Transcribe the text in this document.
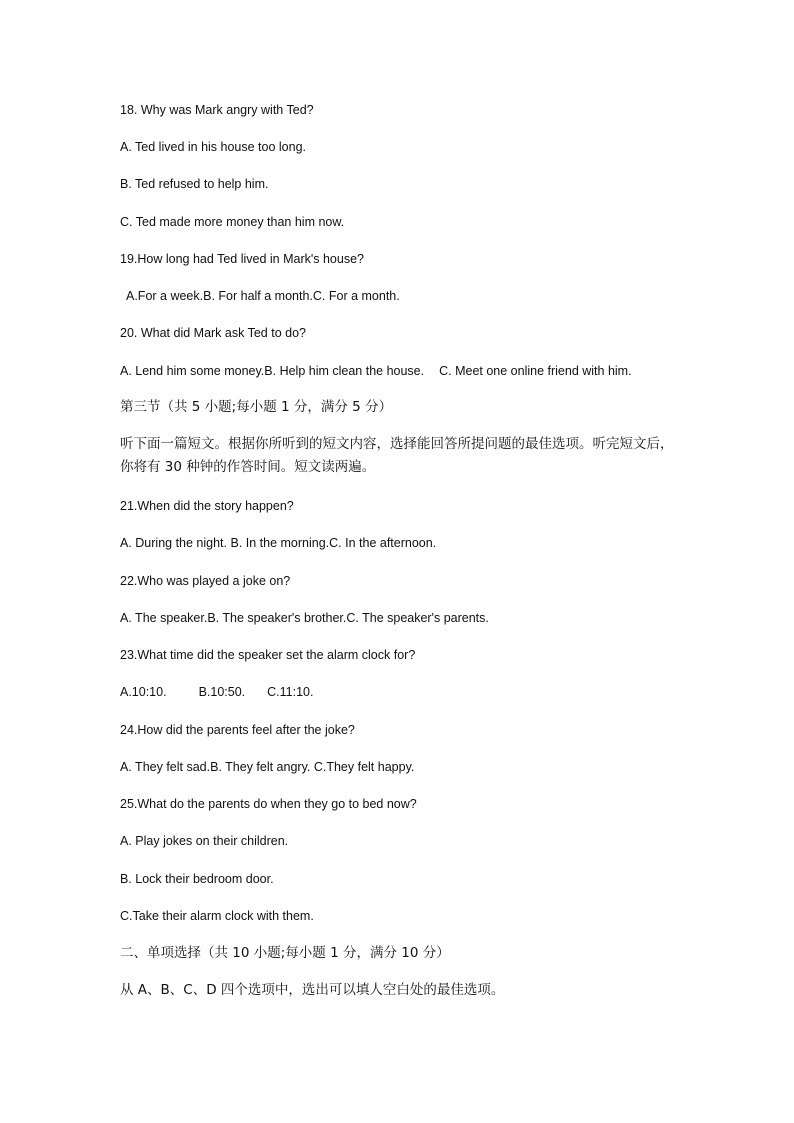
18. Why was Mark angry with Ted?
A. Ted lived in his house too long.
B. Ted refused to help him.
C. Ted made more money than him now.
19.How long had Ted lived in Mark's house?
A.For a week.B. For half a month.C. For a month.
20. What did Mark ask Ted to do?
A. Lend him some money.B. Help him clean the house. C. Meet one online friend with him.
第三节（共 5 小题;每小题 1 分，满分 5 分）
听下面一篇短文。根据你所听到的短文内容，选择能回答所提问题的最佳选项。听完短文后，
你将有 30 种钟的作答时间。短文读两遍。
21.When did the story happen?
A. During the night. B. In the morning.C. In the afternoon.
22.Who was played a joke on?
A. The speaker.B. The speaker's brother.C. The speaker's parents.
23.What time did the speaker set the alarm clock for?
A.10:10.	B.10:50. C.11:10.
24.How did the parents feel after the joke?
A. They felt sad.B. They felt angry. C.They felt happy.
25.What do the parents do when they go to bed now?
A. Play jokes on their children.
B. Lock their bedroom door.
C.Take their alarm clock with them.
二、单项选择（共 10 小题;每小题 1 分，满分 10 分）
从 A、B、C、D 四个选项中，选出可以填人空白处的最佳选项。
